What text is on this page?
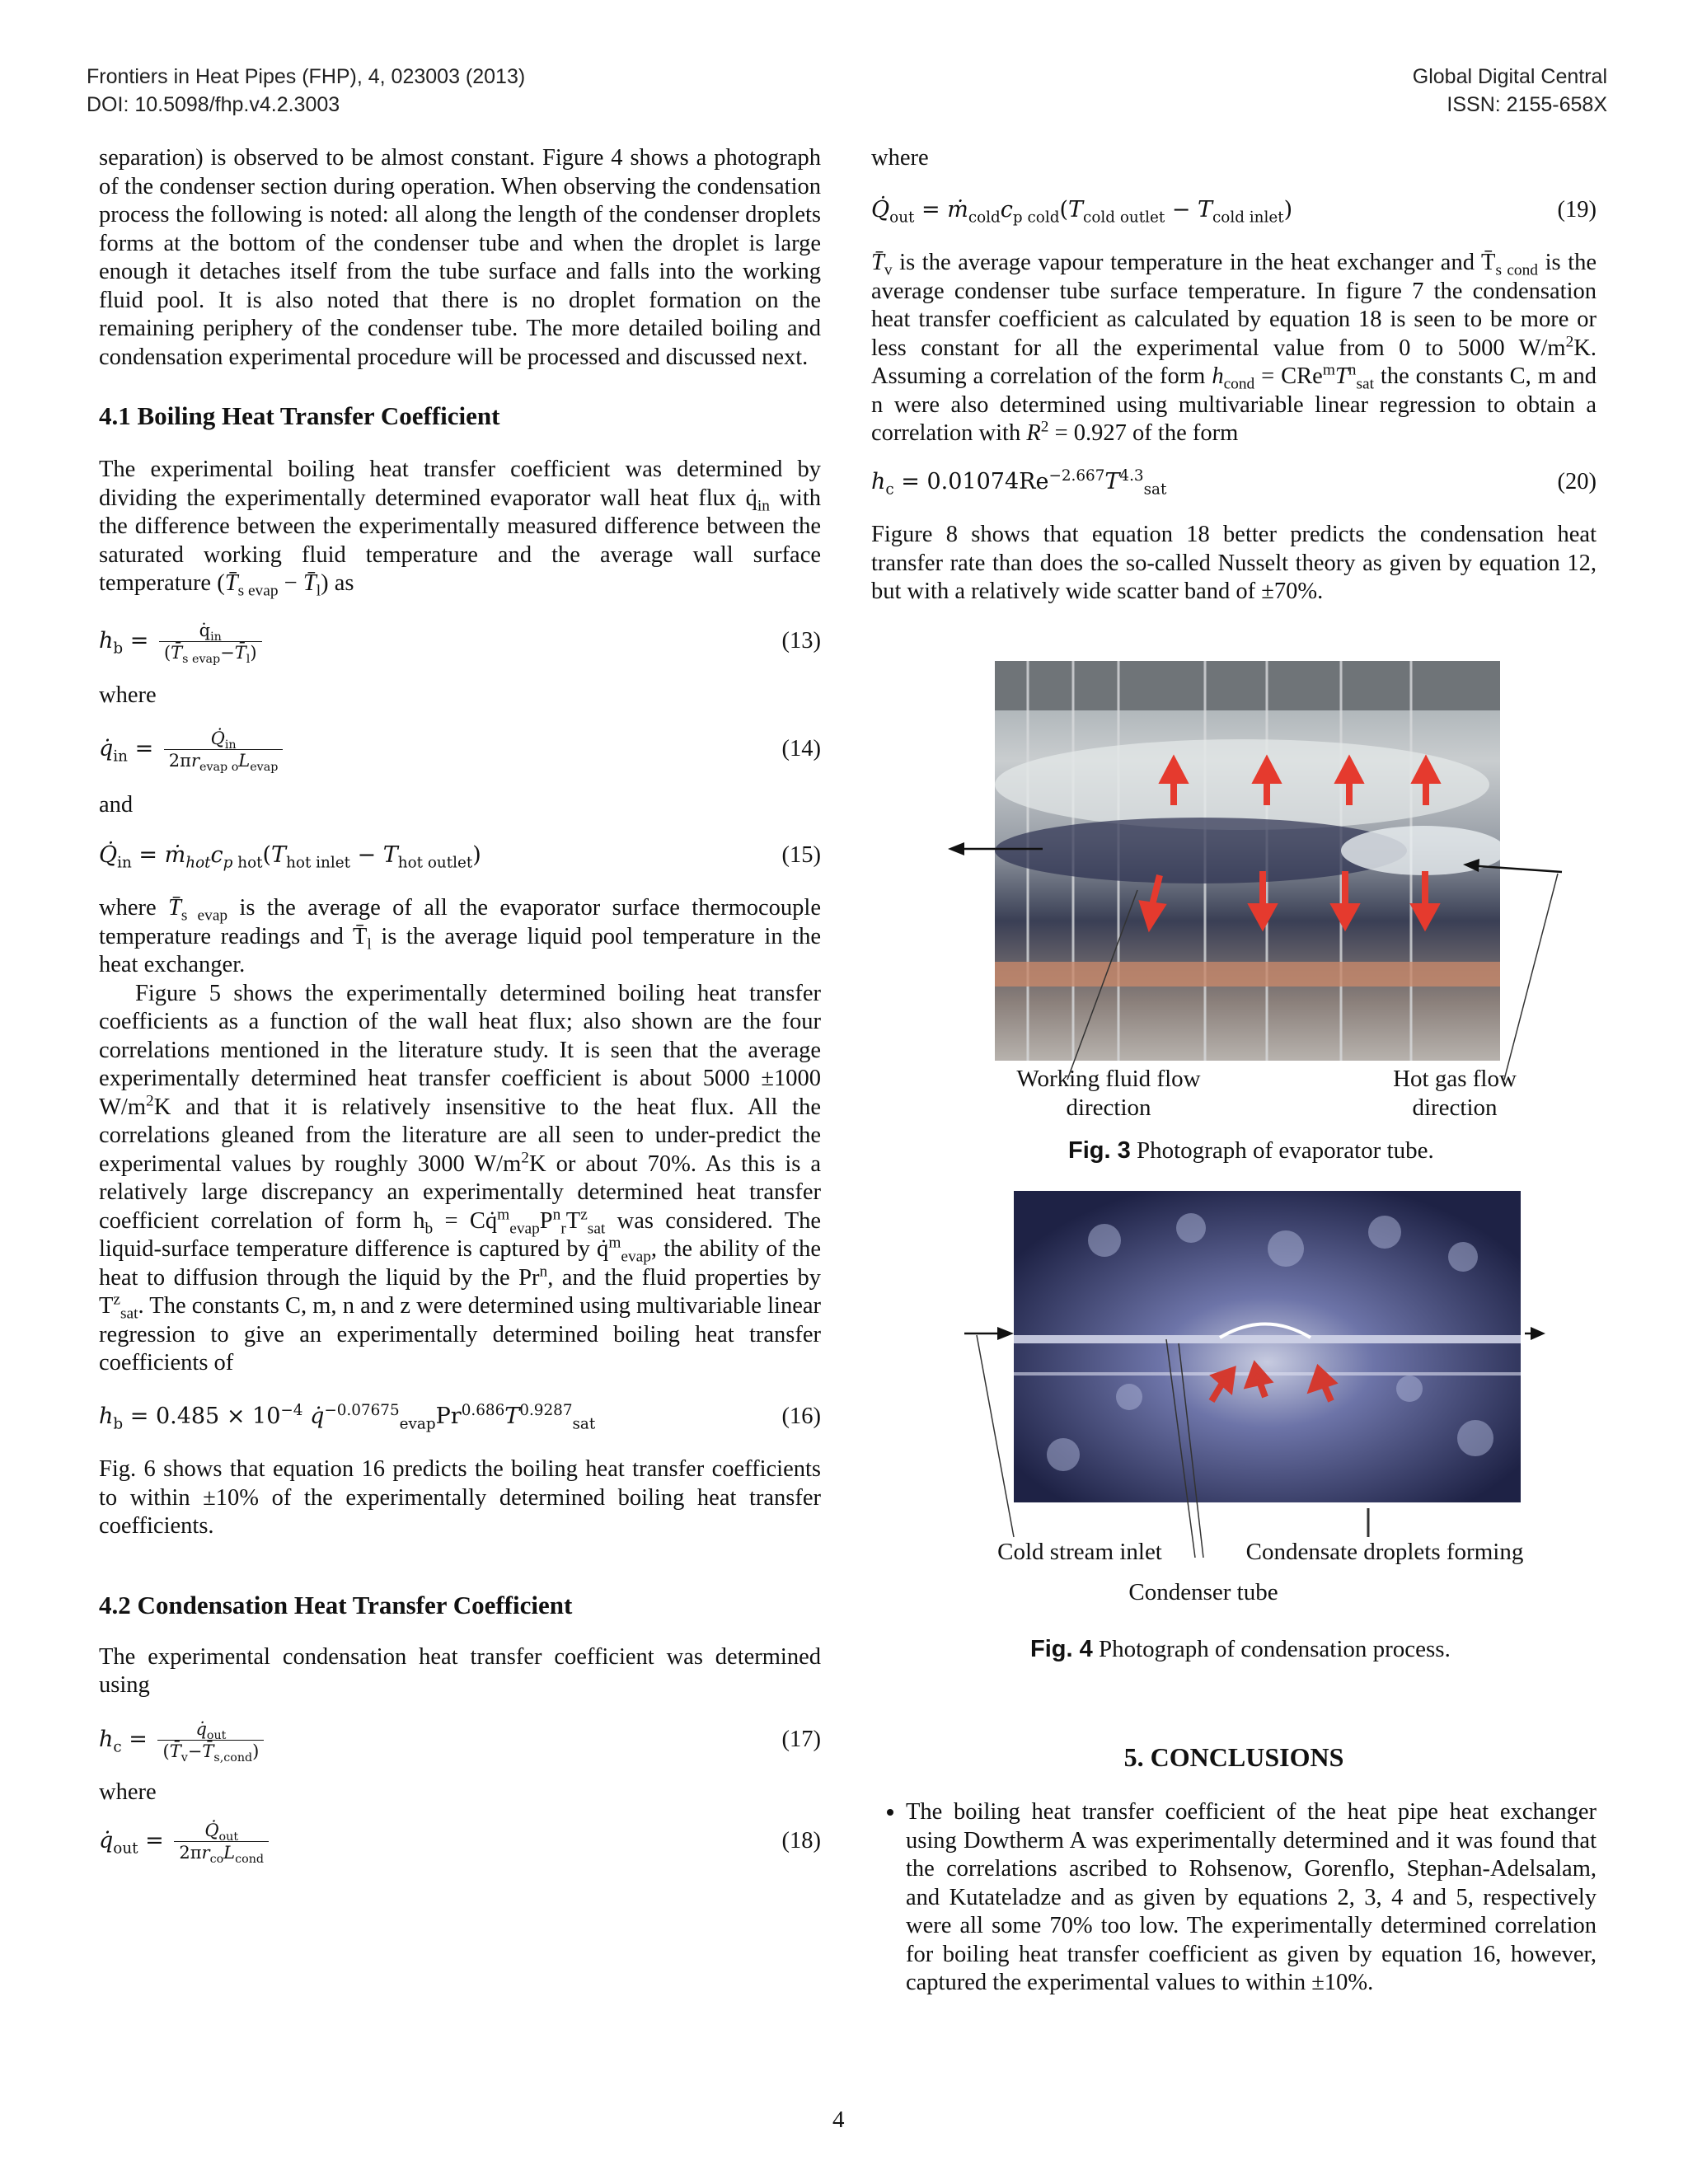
Frontiers in Heat Pipes (FHP), 4, 023003 (2013)
DOI: 10.5098/fhp.v4.2.3003
Global Digital Central
ISSN: 2155-658X

separation) is observed to be almost constant. Figure 4 shows a photograph of the condenser section during operation. When observing the condensation process the following is noted: all along the length of the condenser droplets forms at the bottom of the condenser tube and when the droplet is large enough it detaches itself from the tube surface and falls into the working fluid pool. It is also noted that there is no droplet formation on the remaining periphery of the condenser tube. The more detailed boiling and condensation experimental procedure will be processed and discussed next.

4.1 Boiling Heat Transfer Coefficient

The experimental boiling heat transfer coefficient was determined by dividing the experimentally determined evaporator wall heat flux $q̇_{in}$ with the difference between the experimentally measured difference between the saturated working fluid temperature and the average wall surface temperature ($T̄_{s evap}$ − $T̄_l$) as

$h_b = \frac{q̇_{in}}{(T̄_{s evap}-T̄_l)}$	(13)

where

$q̇_{in} = \frac{Q̇_{in}}{2\pi r_{evap o}L_{evap}}$	(14)

and

$Q̇_{in}$ = $ṁ_{hot}c_p$ $_{hot}(T_{hot inlet} - T_{hot outlet})$	(15)

where $T̄_{s evap}$ is the average of all the evaporator surface thermocouple temperature readings and $T̄_l$ is the average liquid pool temperature in the heat exchanger.

Figure 5 shows the experimentally determined boiling heat transfer coefficients as a function of the wall heat flux; also shown are the four correlations mentioned in the literature study. It is seen that the average experimentally determined heat transfer coefficient is about 5000 ±1000 $W/m^2K$ and that it is relatively insensitive to the heat flux. All the correlations gleaned from the literature are all seen to under-predict the experimental values by roughly 3000 $W/m^2K$ or about 70%. As this is a relatively large discrepancy an experimentally determined heat transfer coefficient correlation of form $h_b$ = $Cq̇^m_{evap}P^n_rT^z_{sat}$ was considered. The liquid-surface temperature difference is captured by q̇$^m_{evap}$, the ability of the heat to diffusion through the liquid by the Pr$^n$, and the fluid properties by $T^z_{sat}$. The constants C, m, n and z were determined using multivariable linear regression to give an experimentally determined boiling heat transfer coefficients of

$h_b = 0.485 \times 10^{-4}$ $q̇^{-0.07675}_{evap}Pr^{0.686}T^{0.9287}_{sat}$	(16)

Fig. 6 shows that equation 16 predicts the boiling heat transfer coefficients to within ±10% of the experimentally determined boiling heat transfer coefficients.

4.2 Condensation Heat Transfer Coefficient

The experimental condensation heat transfer coefficient was determined using

$h_c = \frac{q̇_{out}}{(T̄_v-T̄_{s,cond})}$	(17)

where

$q̇_{out} = \frac{Q̇_{out}}{2\pi r_{co}L_{cond}}$	(18)

where

$Q̇_{out}$ = $ṁ_{cold}c_{p cold}(T_{cold outlet} - T_{cold inlet})$	(19)

$T̄_v$ is the average vapour temperature in the heat exchanger and $T̄_{s cond}$ is the average condenser tube surface temperature. In figure 7 the condensation heat transfer coefficient as calculated by equation 18 is seen to be more or less constant for all the experimental value from 0 to 5000 $W/m^2K$. Assuming a correlation of the form $h_{cond} = CRe^mT^n_{sat}$ the constants C, m and n were also determined using multivariable linear regression to obtain a correlation with $R^2 = 0.927$ of the form

$h_c = 0.01074Re^{-2.667}T^{4.3}_{sat}$	(20)

Figure 8 shows that equation 18 better predicts the condensation heat transfer rate than does the so-called Nusselt theory as given by equation 12, but with a relatively wide scatter band of ±70%.

Working fluid flow direction
Hot gas flow direction
Fig. 3 Photograph of evaporator tube.
Cold stream inlet	Condensate droplets forming
Condenser tube
Fig. 4 Photograph of condensation process.
5. CONCLUSIONS
• The boiling heat transfer coefficient of the heat pipe heat exchanger using Dowtherm A was experimentally determined and it was found that the correlations ascribed to Rohsenow, Gorenflo, Stephan-Adelsalam, and Kutateladze and as given by equations 2, 3, 4 and 5, respectively were all some 70% too low. The experimentally determined correlation for boiling heat transfer coefficient as given by equation 16, however, captured the experimental values to within ±10%.
4
